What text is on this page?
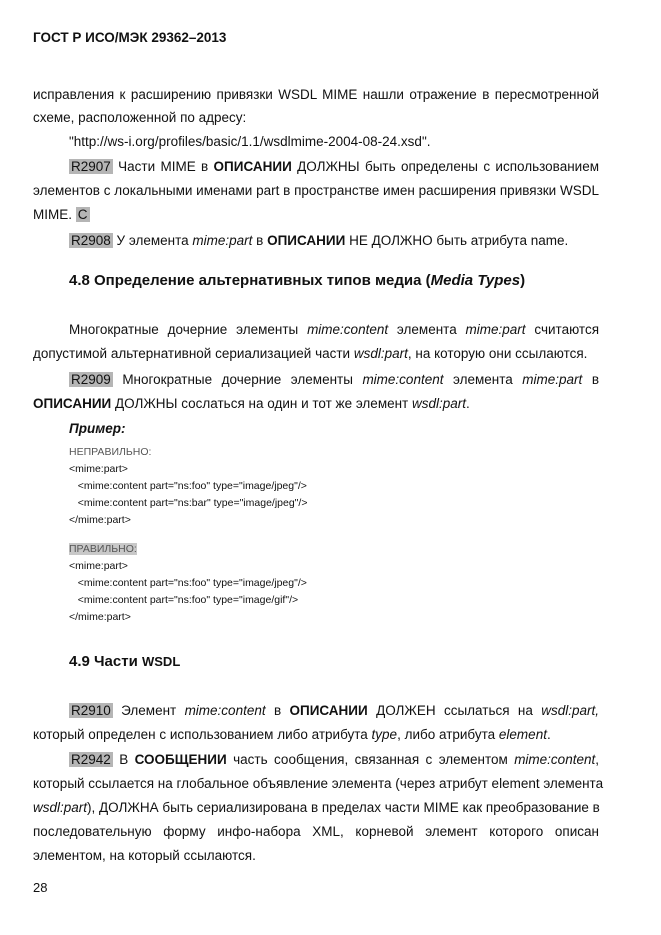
ГОСТ Р ИСО/МЭК 29362–2013
исправления к расширению привязки WSDL MIME нашли отражение в пересмотренной
схеме, расположенной по адресу:
"http://ws-i.org/profiles/basic/1.1/wsdlmime-2004-08-24.xsd".
R2907 Части MIME в ОПИСАНИИ ДОЛЖНЫ быть определены с использованием
элементов с локальными именами part в пространстве имен расширения привязки WSDL
MIME. C
R2908 У элемента mime:part в ОПИСАНИИ НЕ ДОЛЖНО быть атрибута name.
4.8 Определение альтернативных типов медиа (Media Types)
Многократные дочерние элементы mime:content элемента mime:part считаются
допустимой альтернативной сериализацией части wsdl:part, на которую они ссылаются.
R2909 Многократные дочерние элементы mime:content элемента mime:part в
ОПИСАНИИ ДОЛЖНЫ сослаться на один и тот же элемент wsdl:part.
Пример:
НЕПРАВИЛЬНО:
<mime:part>
<mime:content part="ns:foo" type="image/jpeg"/>
<mime:content part="ns:bar" type="image/jpeg"/>
</mime:part>
ПРАВИЛЬНО:
<mime:part>
<mime:content part="ns:foo" type="image/jpeg"/>
<mime:content part="ns:foo" type="image/gif"/>
</mime:part>
4.9 Части WSDL
R2910 Элемент mime:content в ОПИСАНИИ ДОЛЖЕН ссылаться на wsdl:part,
который определен с использованием либо атрибута type, либо атрибута element.
R2942 В СООБЩЕНИИ часть сообщения, связанная с элементом mime:content,
который ссылается на глобальное объявление элемента (через атрибут element элемента
wsdl:part), ДОЛЖНА быть сериализирована в пределах части MIME как преобразование в
последовательную форму инфо-набора XML, корневой элемент которого описан
элементом, на который ссылаются.
28
